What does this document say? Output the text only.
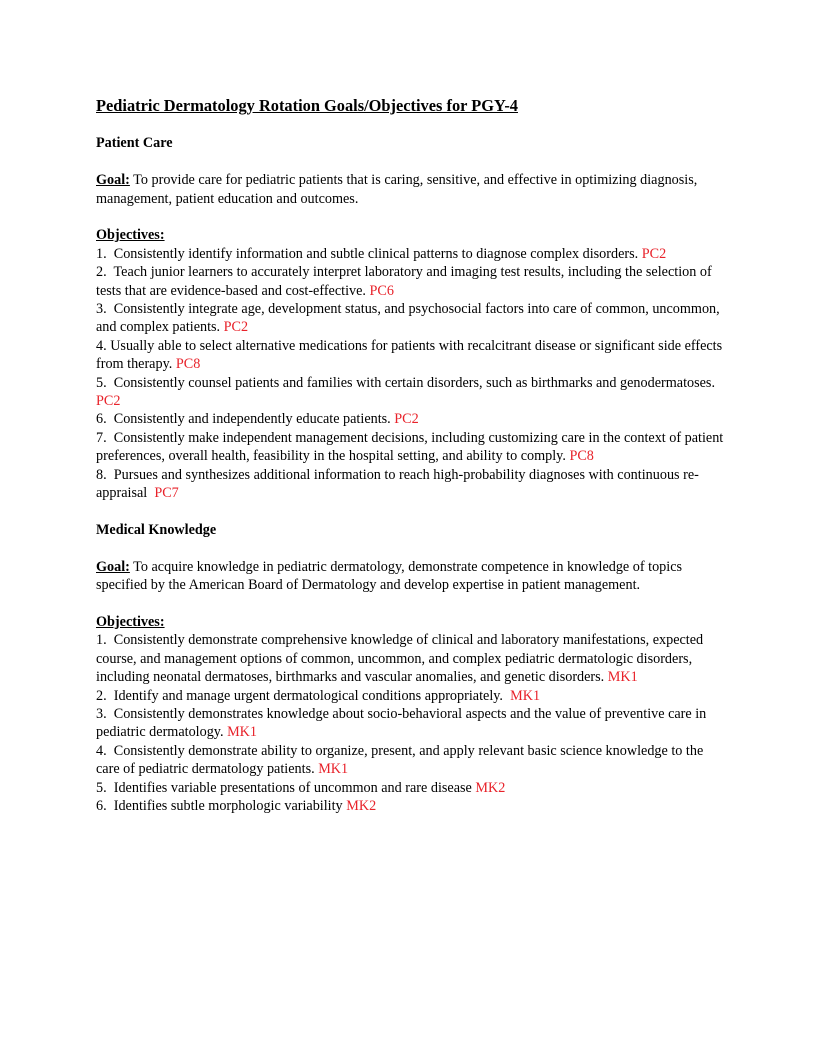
Pediatric Dermatology Rotation Goals/Objectives for PGY-4

Patient Care

Goal: To provide care for pediatric patients that is caring, sensitive, and effective in optimizing diagnosis, management, patient education and outcomes.

Objectives:

1. Consistently identify information and subtle clinical patterns to diagnose complex disorders. PC2
2. Teach junior learners to accurately interpret laboratory and imaging test results, including the selection of tests that are evidence-based and cost-effective. PC6
3. Consistently integrate age, development status, and psychosocial factors into care of common, uncommon, and complex patients. PC2
4. Usually able to select alternative medications for patients with recalcitrant disease or significant side effects from therapy. PC8
5. Consistently counsel patients and families with certain disorders, such as birthmarks and genodermatoses. PC2
6. Consistently and independently educate patients. PC2
7. Consistently make independent management decisions, including customizing care in the context of patient preferences, overall health, feasibility in the hospital setting, and ability to comply. PC8
8. Pursues and synthesizes additional information to reach high-probability diagnoses with continuous re-appraisal PC7

Medical Knowledge

Goal: To acquire knowledge in pediatric dermatology, demonstrate competence in knowledge of topics specified by the American Board of Dermatology and develop expertise in patient management.

Objectives:

1. Consistently demonstrate comprehensive knowledge of clinical and laboratory manifestations, expected course, and management options of common, uncommon, and complex pediatric dermatologic disorders, including neonatal dermatoses, birthmarks and vascular anomalies, and genetic disorders. MK1
2. Identify and manage urgent dermatological conditions appropriately. MK1
3. Consistently demonstrates knowledge about socio-behavioral aspects and the value of preventive care in pediatric dermatology. MK1
4. Consistently demonstrate ability to organize, present, and apply relevant basic science knowledge to the care of pediatric dermatology patients. MK1
5. Identifies variable presentations of uncommon and rare disease MK2
6. Identifies subtle morphologic variability MK2
